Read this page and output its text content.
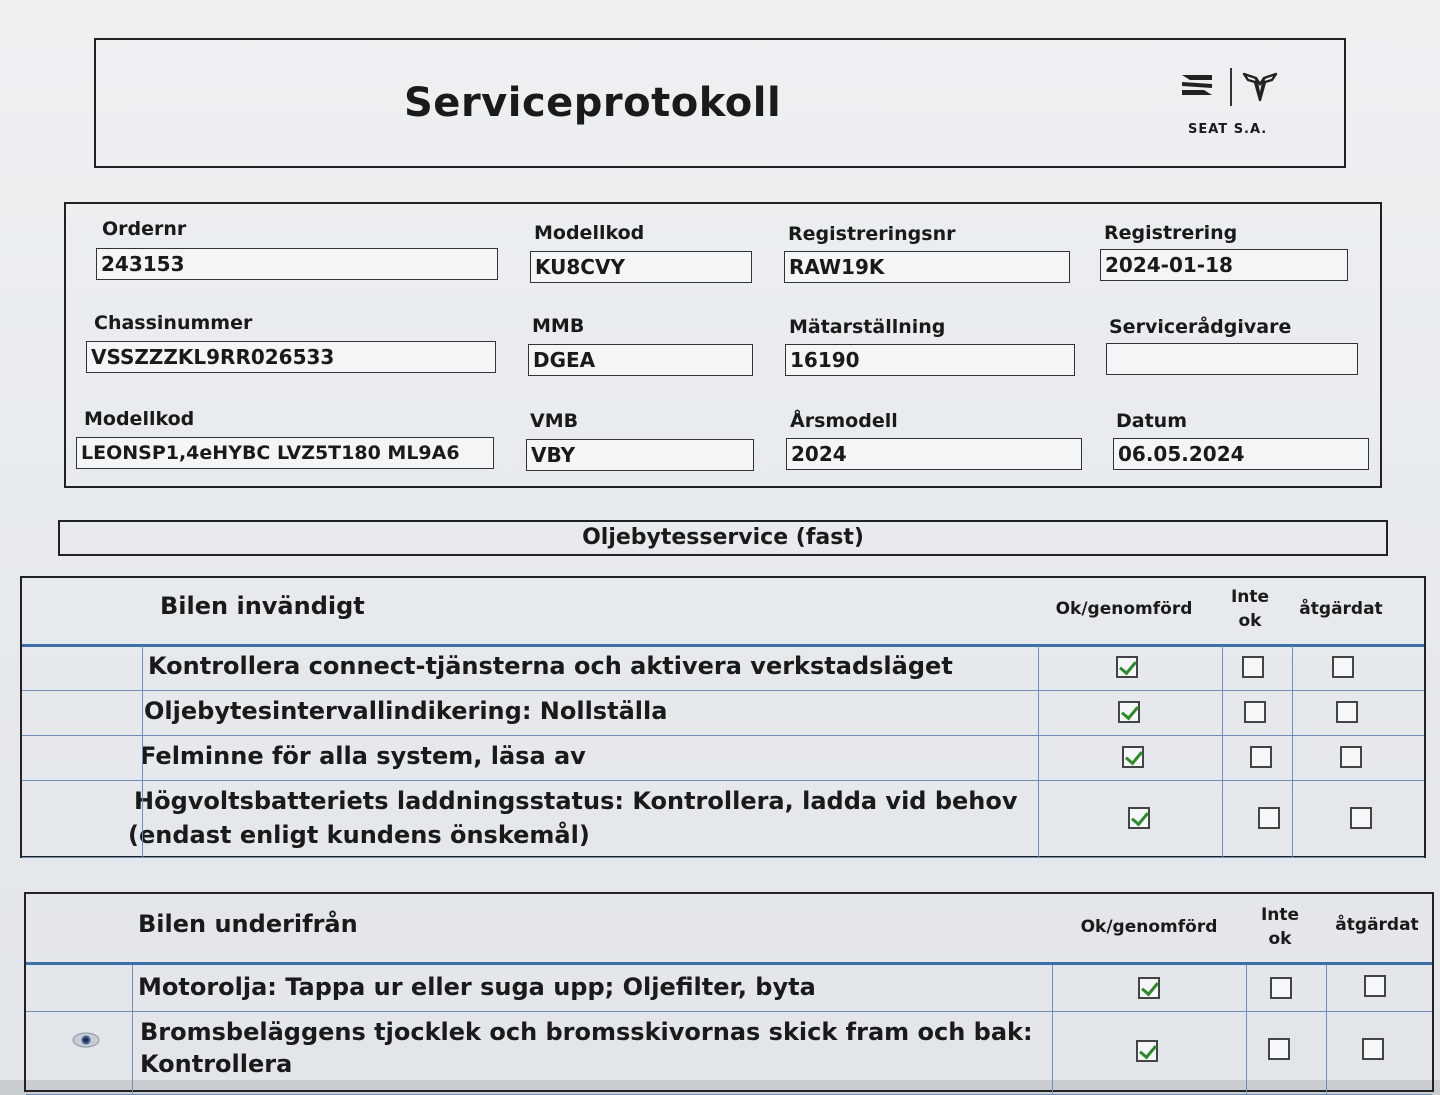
Serviceprotokoll
SEAT S.A.
Ordernr
243153
Modellkod
KU8CVY
Registreringsnr
RAW19K
Registrering
2024-01-18
Chassinummer
VSSZZZKL9RR026533
MMB
DGEA
Mätarställning
16190
Servicerådgivare
Modellkod
LEONSP1,4eHYBC LVZ5T180 ML9A6
VMB
VBY
Årsmodell
2024
Datum
06.05.2024
Oljebytesservice (fast)
Bilen invändigt	Ok/genomförd
Inte
ok
åtgärdat
Kontrollera connect-tjänsterna och aktivera verkstadsläget
Oljebytesintervallindikering: Nollställa
Felminne för alla system, läsa av
Högvoltsbatteriets laddningsstatus: Kontrollera, ladda vid behov
(endast enligt kundens önskemål)
Bilen underifrån	Ok/genomförd
Inte
ok
åtgärdat
Motorolja: Tappa ur eller suga upp; Oljefilter, byta
Bromsbeläggens tjocklek och bromsskivornas skick fram och bak:
Kontrollera
